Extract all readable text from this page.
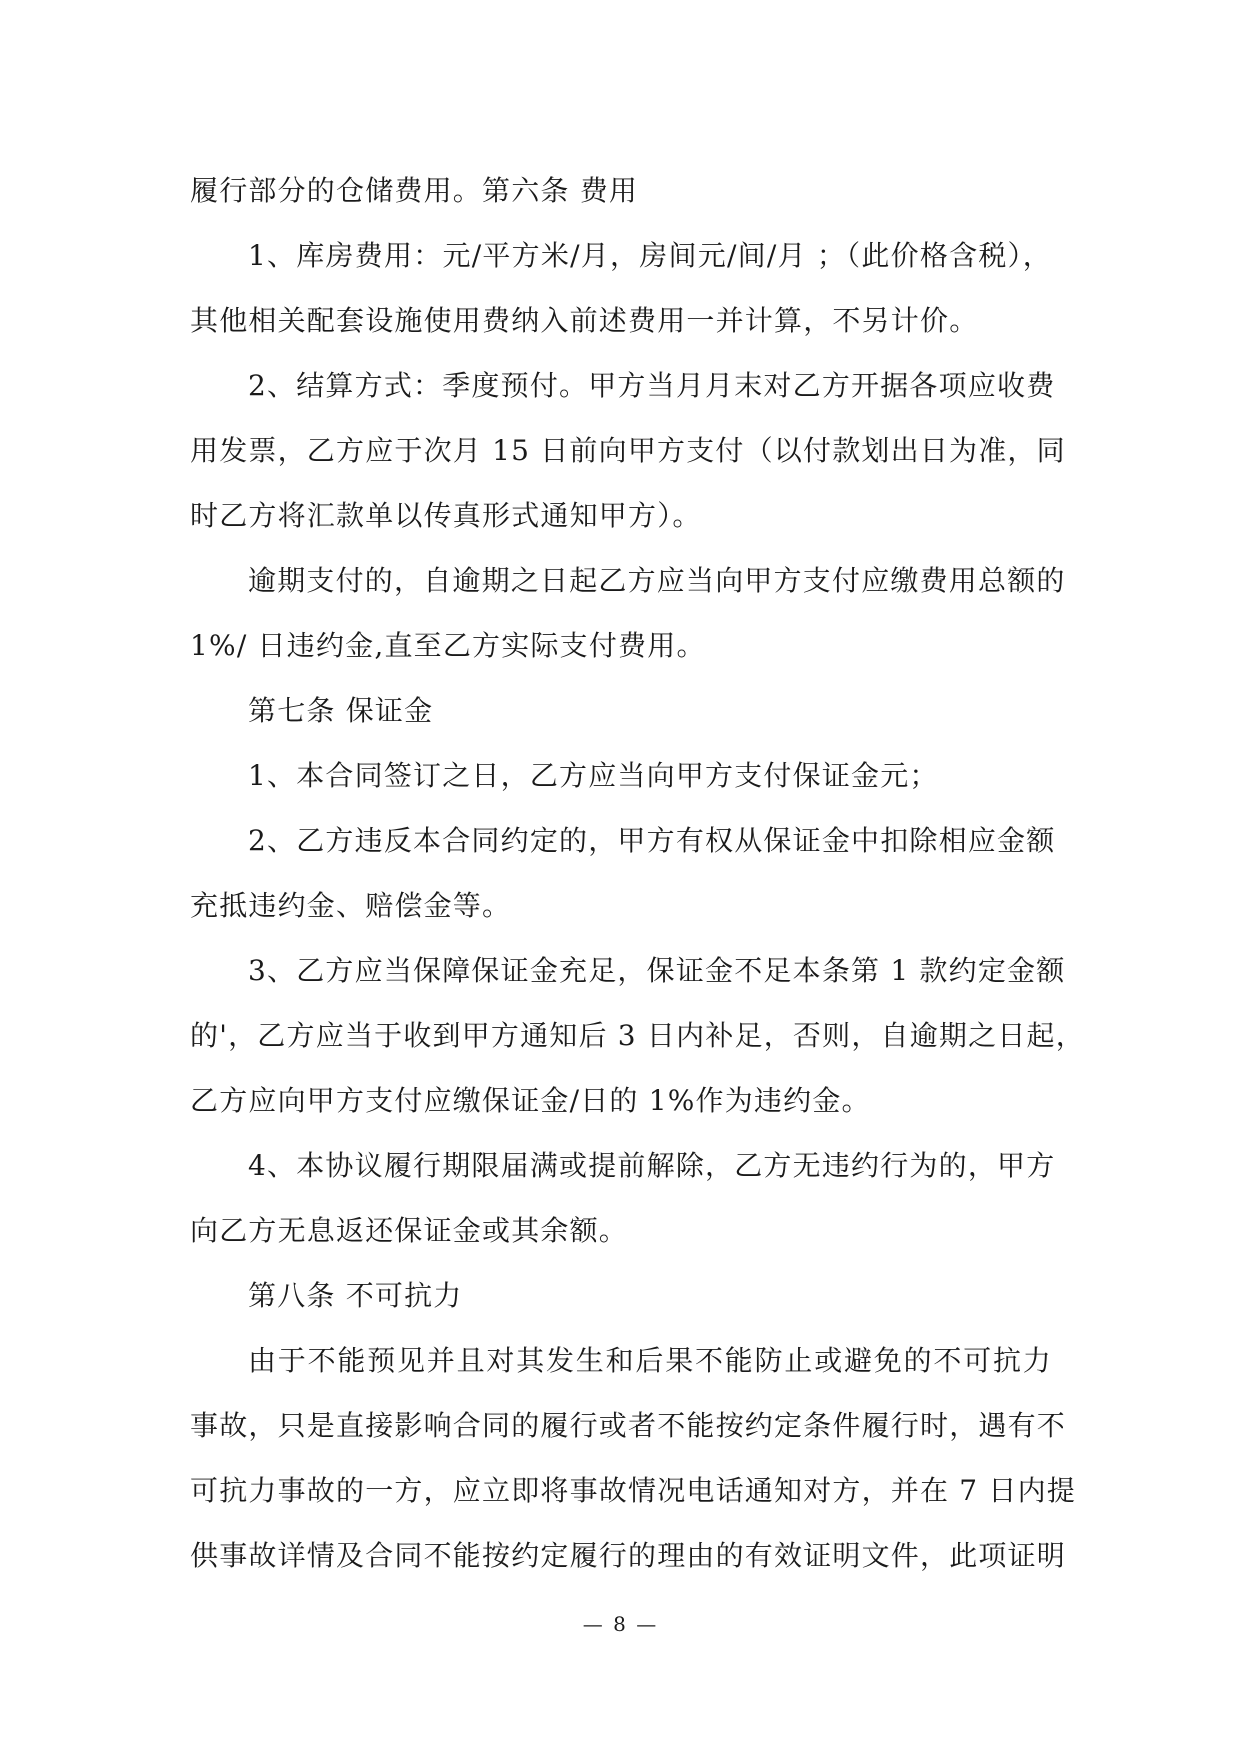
履行部分的仓储费用。第六条 费用
1、库房费用：元/平方米/月，房间元/间/月 ；（此价格含税），
其他相关配套设施使用费纳入前述费用一并计算，不另计价。
2、结算方式：季度预付。甲方当月月末对乙方开据各项应收费
用发票，乙方应于次月 15 日前向甲方支付（以付款划出日为准，同
时乙方将汇款单以传真形式通知甲方）。
逾期支付的，自逾期之日起乙方应当向甲方支付应缴费用总额的
1%/ 日违约金,直至乙方实际支付费用。
第七条 保证金
1、本合同签订之日，乙方应当向甲方支付保证金元；
2、乙方违反本合同约定的，甲方有权从保证金中扣除相应金额
充抵违约金、赔偿金等。
3、乙方应当保障保证金充足，保证金不足本条第 1 款约定金额
的'，乙方应当于收到甲方通知后 3 日内补足，否则，自逾期之日起，
乙方应向甲方支付应缴保证金/日的 1%作为违约金。
4、本协议履行期限届满或提前解除，乙方无违约行为的，甲方
向乙方无息返还保证金或其余额。
第八条 不可抗力
由于不能预见并且对其发生和后果不能防止或避免的不可抗力
事故，只是直接影响合同的履行或者不能按约定条件履行时，遇有不
可抗力事故的一方，应立即将事故情况电话通知对方，并在 7 日内提
供事故详情及合同不能按约定履行的理由的有效证明文件，此项证明
— 8 —
